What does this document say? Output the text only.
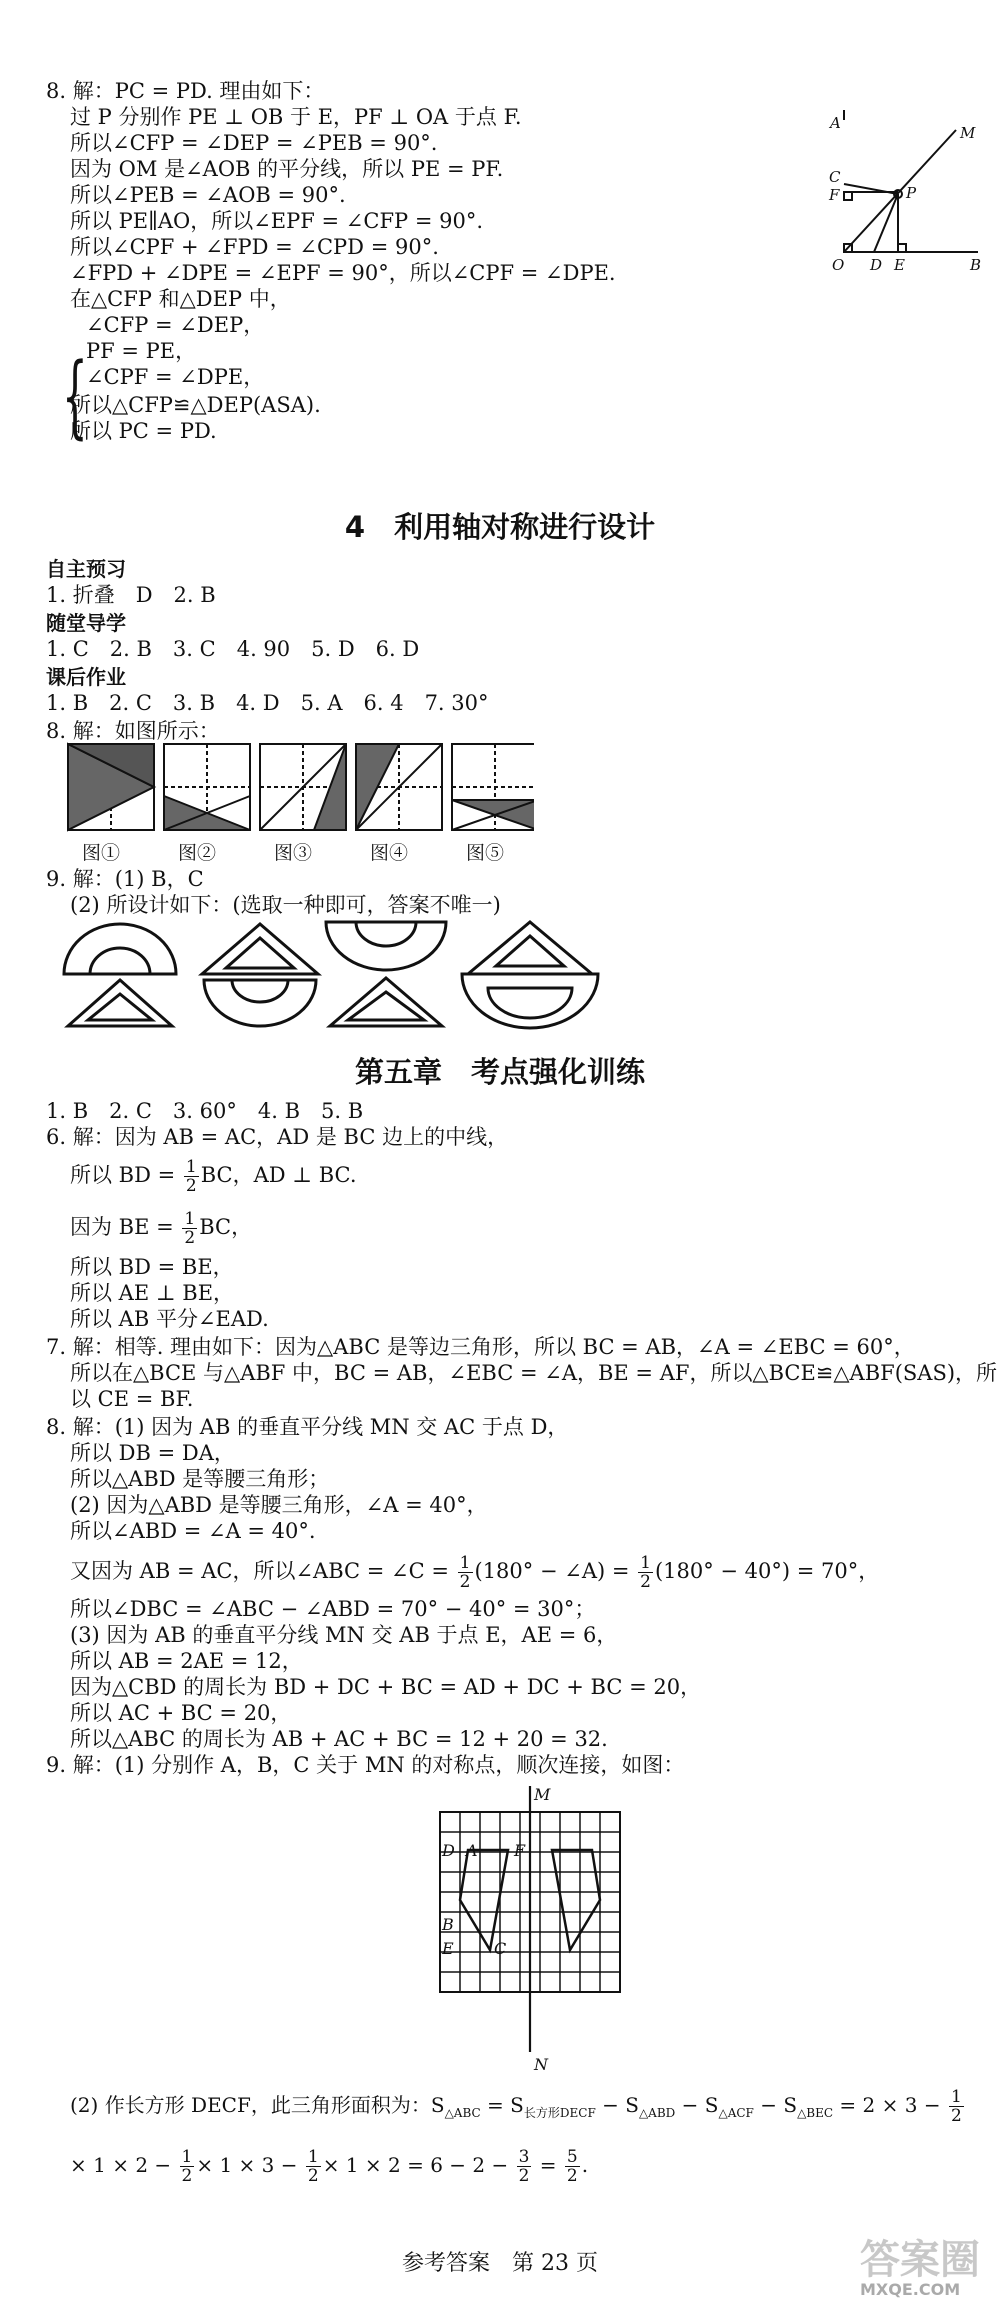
8. 解：PC = PD. 理由如下：
过 P 分别作 PE ⊥ OB 于 E，PF ⊥ OA 于点 F.
所以∠CFP = ∠DEP = ∠PEB = 90°.
因为 OM 是∠AOB 的平分线，所以 PE = PF.
所以∠PEB = ∠AOB = 90°.
所以 PE∥AO，所以∠EPF = ∠CFP = 90°.
所以∠CPF + ∠FPD = ∠CPD = 90°.
∠FPD + ∠DPE = ∠EPF = 90°，所以∠CPF = ∠DPE.
在△CFP 和△DEP 中，
{
∠CFP = ∠DEP，
PF = PE，
∠CPF = ∠DPE，
所以△CFP≌△DEP(ASA).
所以 PC = PD.
A
M
C
F	P
O D E	B
4　利用轴对称进行设计
自主预习
1. 折叠　D　2. B
随堂导学
1. C　2. B　3. C　4. 90　5. D　6. D
课后作业
1. B　2. C　3. B　4. D　5. A　6. 4　7. 30°
8. 解：如图所示：
图①	图②	图③	图④	图⑤
9. 解：(1) B，C
(2) 所设计如下：(选取一种即可，答案不唯一)
第五章　考点强化训练
1. B　2. C　3. 60°　4. B　5. B
6. 解：因为 AB = AC，AD 是 BC 边上的中线，
所以 BD = $\frac{1}{2}$ BC，AD ⊥ BC.
因为 BE = $\frac{1}{2}$ BC，
所以 BD = BE，
所以 AE ⊥ BE，
所以 AB 平分∠EAD.
7. 解：相等. 理由如下：因为△ABC 是等边三角形，所以 BC = AB，∠A = ∠EBC = 60°，
所以在△BCE 与△ABF 中，BC = AB，∠EBC = ∠A，BE = AF，所以△BCE≌△ABF(SAS)，所
以 CE = BF.
8. 解：(1) 因为 AB 的垂直平分线 MN 交 AC 于点 D，
所以 DB = DA，
所以△ABD 是等腰三角形；
(2) 因为△ABD 是等腰三角形，∠A = 40°，
所以∠ABD = ∠A = 40°.
又因为 AB = AC，所以∠ABC = ∠C = $\frac{1}{2} (180^\circ$ − ∠A) = $\frac{1}{2} (180^\circ - 40^\circ) = 70^\circ$，
所以∠DBC = ∠ABC − ∠ABD = 70° − 40° = 30°；
(3) 因为 AB 的垂直平分线 MN 交 AB 于点 E，AE = 6，
所以 AB = 2AE = 12，
因为△CBD 的周长为 BD + DC + BC = AD + DC + BC = 20，
所以 AC + BC = 20，
所以△ABC 的周长为 AB + AC + BC = 12 + 20 = 32.
9. 解：(1) 分别作 A，B，C 关于 MN 的对称点，顺次连接，如图：
M
N
D A F
B
E	C
(2) 作长方形 DECF，此三角形面积为：$S_{\triangle ABC} = S_{长方形DECF} - S_{\triangle ABD} - S_{\triangle ACF} - S_{\triangle BEC} = 2 \times 3 - \frac{1}{2}$
× $1 \times 2 - \frac{1}{2} \times 1 \times 3 - \frac{1}{2} \times 1 \times 2 = 6 - 2 - \frac{3}{2} = \frac{5}{2}$ .
参考答案　第 23 页	答案圈
MXQE.COM
